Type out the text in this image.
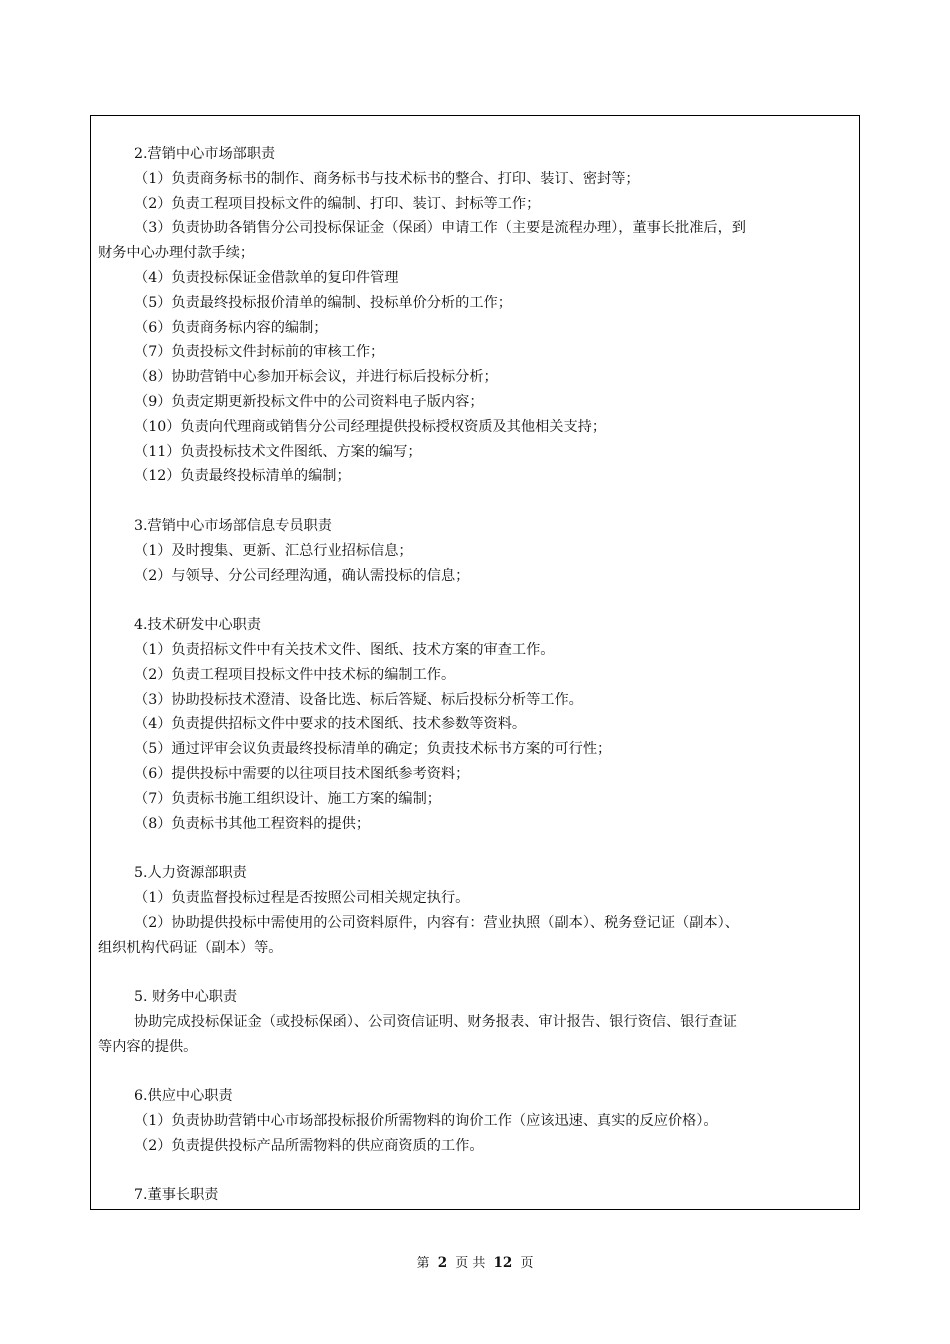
2.营销中心市场部职责
（1）负责商务标书的制作、商务标书与技术标书的整合、打印、装订、密封等；
（2）负责工程项目投标文件的编制、打印、装订、封标等工作；
（3）负责协助各销售分公司投标保证金（保函）申请工作（主要是流程办理），董事长批准后，到
财务中心办理付款手续；
（4）负责投标保证金借款单的复印件管理
（5）负责最终投标报价清单的编制、投标单价分析的工作；
（6）负责商务标内容的编制；
（7）负责投标文件封标前的审核工作；
（8）协助营销中心参加开标会议，并进行标后投标分析；
（9）负责定期更新投标文件中的公司资料电子版内容；
（10）负责向代理商或销售分公司经理提供投标授权资质及其他相关支持；
（11）负责投标技术文件图纸、方案的编写；
（12）负责最终投标清单的编制；
3.营销中心市场部信息专员职责
（1）及时搜集、更新、汇总行业招标信息；
（2）与领导、分公司经理沟通，确认需投标的信息；
4.技术研发中心职责
（1）负责招标文件中有关技术文件、图纸、技术方案的审查工作。
（2）负责工程项目投标文件中技术标的编制工作。
（3）协助投标技术澄清、设备比选、标后答疑、标后投标分析等工作。
（4）负责提供招标文件中要求的技术图纸、技术参数等资料。
（5）通过评审会议负责最终投标清单的确定；负责技术标书方案的可行性；
（6）提供投标中需要的以往项目技术图纸参考资料；
（7）负责标书施工组织设计、施工方案的编制；
（8）负责标书其他工程资料的提供；
5.人力资源部职责
（1）负责监督投标过程是否按照公司相关规定执行。
（2）协助提供投标中需使用的公司资料原件，内容有：营业执照（副本）、税务登记证（副本）、
组织机构代码证（副本）等。
5. 财务中心职责
协助完成投标保证金（或投标保函）、公司资信证明、财务报表、审计报告、银行资信、银行查证
等内容的提供。
6.供应中心职责
（1）负责协助营销中心市场部投标报价所需物料的询价工作（应该迅速、真实的反应价格）。
（2）负责提供投标产品所需物料的供应商资质的工作。
7.董事长职责
第 2 页 共 12 页
